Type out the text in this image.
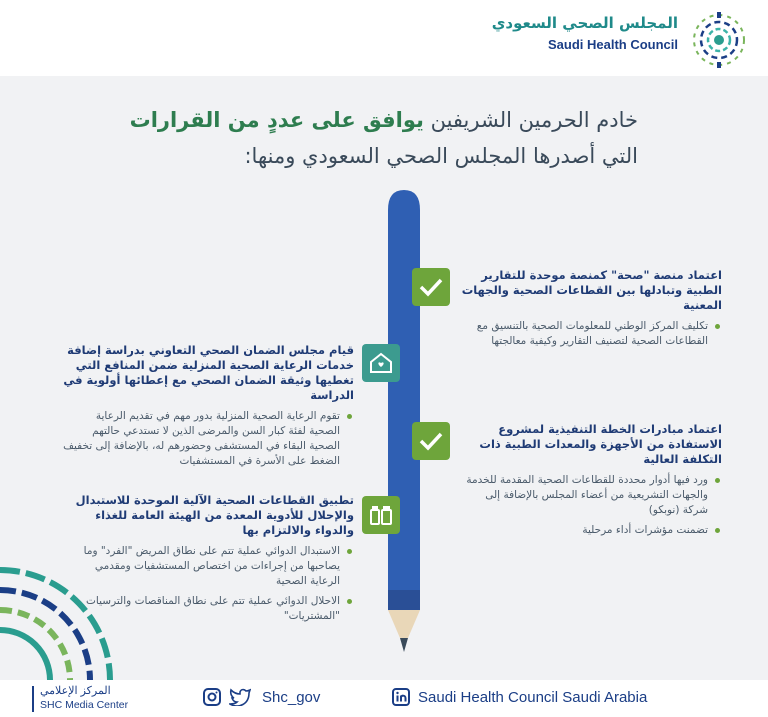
المجلس الصحي السعودي
Saudi Health Council
خادم الحرمين الشريفين يوافق على عددٍ من القرارات
التي أصدرها المجلس الصحي السعودي ومنها:
اعتماد منصة "صحة" كمنصة موحدة للتقارير الطبية وتبادلها بين القطاعات الصحية والجهات المعنية
تكليف المركز الوطني للمعلومات الصحية بالتنسيق مع القطاعات الصحية لتصنيف التقارير وكيفية معالجتها
قيام مجلس الضمان الصحي التعاوني بدراسة إضافة خدمات الرعاية الصحية المنزلية ضمن المنافع التي تغطيها وثيقة الضمان الصحي مع إعطائها أولوية في الدراسة
تقوم الرعاية الصحية المنزلية بدور مهم في تقديم الرعاية الصحية لفئة كبار السن والمرضى الذين لا تستدعي حالتهم الصحية البقاء في المستشفى وحضورهم له، بالإضافة إلى تخفيف الضغط على الأسرة في المستشفيات
اعتماد مبادرات الخطة التنفيذية لمشروع الاستفادة من الأجهزة والمعدات الطبية ذات التكلفة العالية
ورد فيها أدوار محددة للقطاعات الصحية المقدمة للخدمة والجهات التشريعية من أعضاء المجلس بالإضافة إلى شركة (نوبكو)
تضمنت مؤشرات أداء مرحلية
تطبيق القطاعات الصحية الآلية الموحدة للاستبدال والإحلال للأدوية المعدة من الهيئة العامة للغذاء والدواء والالتزام بها
الاستبدال الدوائي عملية تتم على نطاق المريض "الفرد" وما يصاحبها من إجراءات من اختصاص المستشفيات ومقدمي الرعاية الصحية
الاحلال الدوائي عملية تتم على نطاق المناقصات والترسيات "المشتريات"
المركز الإعلامي
SHC Media Center	Shc_gov	Saudi Health Council Saudi Arabia
